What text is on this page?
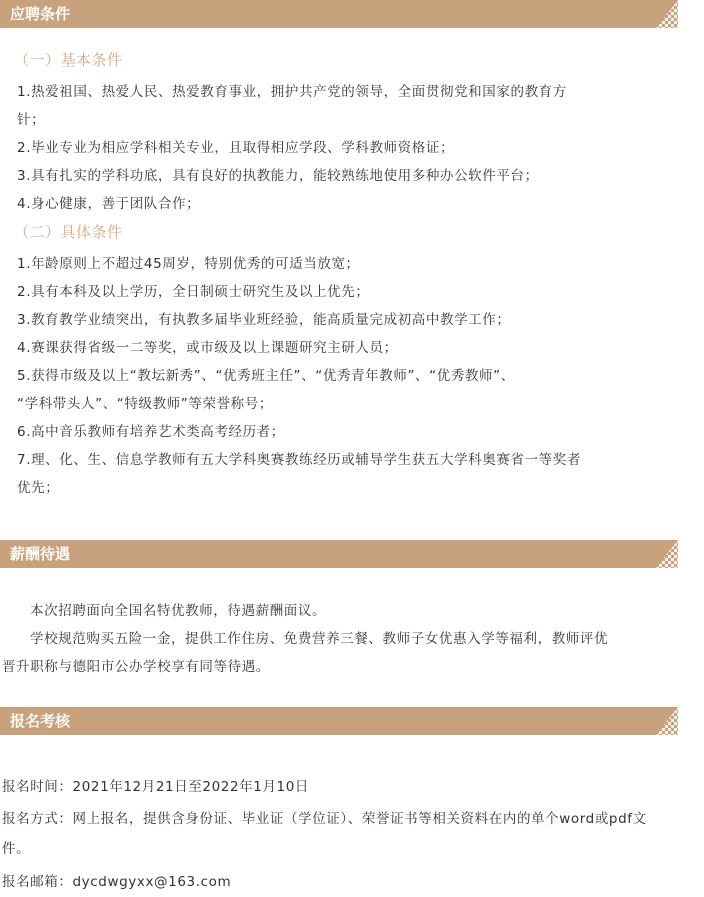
应聘条件
（一）基本条件
1.热爱祖国、热爱人民、热爱教育事业，拥护共产党的领导，全面贯彻党和国家的教育方
针；
2.毕业专业为相应学科相关专业，且取得相应学段、学科教师资格证；
3.具有扎实的学科功底，具有良好的执教能力，能较熟练地使用多种办公软件平台；
4.身心健康，善于团队合作；
（二）具体条件
1.年龄原则上不超过45周岁，特别优秀的可适当放宽；
2.具有本科及以上学历，全日制硕士研究生及以上优先；
3.教育教学业绩突出，有执教多届毕业班经验，能高质量完成初高中教学工作；
4.赛课获得省级一二等奖，或市级及以上课题研究主研人员；
5.获得市级及以上“教坛新秀”、“优秀班主任”、“优秀青年教师”、“优秀教师”、
“学科带头人”、“特级教师”等荣誉称号；
6.高中音乐教师有培养艺术类高考经历者；
7.理、化、生、信息学教师有五大学科奥赛教练经历或辅导学生获五大学科奥赛省一等奖者
优先；
薪酬待遇
本次招聘面向全国名特优教师，待遇薪酬面议。
学校规范购买五险一金，提供工作住房、免费营养三餐、教师子女优惠入学等福利，教师评优
晋升职称与德阳市公办学校享有同等待遇。
报名考核
报名时间：2021年12月21日至2022年1月10日
报名方式：网上报名，提供含身份证、毕业证（学位证）、荣誉证书等相关资料在内的单个word或pdf文
件。
报名邮箱：dycdwgyxx@163.com
